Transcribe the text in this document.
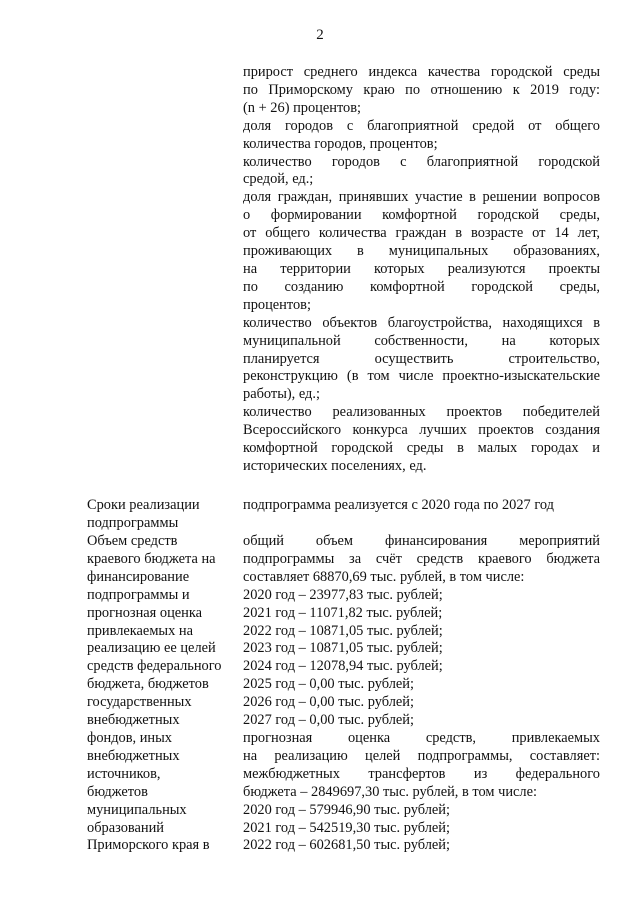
2
прирост среднего индекса качества городской среды
по Приморскому краю по отношению к 2019 году:
(n + 26) процентов;
доля городов с благоприятной средой от общего
количества городов, процентов;
количество городов с благоприятной городской
средой, ед.;
доля граждан, принявших участие в решении вопросов
о формировании комфортной городской среды,
от общего количества граждан в возрасте от 14 лет,
проживающих в муниципальных образованиях,
на территории которых реализуются проекты
по созданию комфортной городской среды,
процентов;
количество объектов благоустройства, находящихся в
муниципальной собственности, на которых
планируется осуществить строительство,
реконструкцию (в том числе проектно-изыскательские
работы), ед.;
количество реализованных проектов победителей
Всероссийского конкурса лучших проектов создания
комфортной городской среды в малых городах и
исторических поселениях, ед.
Сроки реализации
подпрограммы
подпрограмма реализуется с 2020 года по 2027 год
Объем средств
краевого бюджета на
финансирование
подпрограммы и
прогнозная оценка
привлекаемых на
реализацию ее целей
средств федерального
бюджета, бюджетов
государственных
внебюджетных
фондов, иных
внебюджетных
источников,
бюджетов
муниципальных
образований
Приморского края в
общий объем финансирования мероприятий
подпрограммы за счёт средств краевого бюджета
составляет 68870,69 тыс. рублей, в том числе:
2020 год – 23977,83 тыс. рублей;
2021 год – 11071,82 тыс. рублей;
2022 год – 10871,05 тыс. рублей;
2023 год – 10871,05 тыс. рублей;
2024 год – 12078,94 тыс. рублей;
2025 год – 0,00 тыс. рублей;
2026 год – 0,00 тыс. рублей;
2027 год – 0,00 тыс. рублей;
прогнозная оценка средств, привлекаемых
на реализацию целей подпрограммы, составляет:
межбюджетных трансфертов из федерального
бюджета – 2849697,30 тыс. рублей, в том числе:
2020 год – 579946,90 тыс. рублей;
2021 год – 542519,30 тыс. рублей;
2022 год – 602681,50 тыс. рублей;
